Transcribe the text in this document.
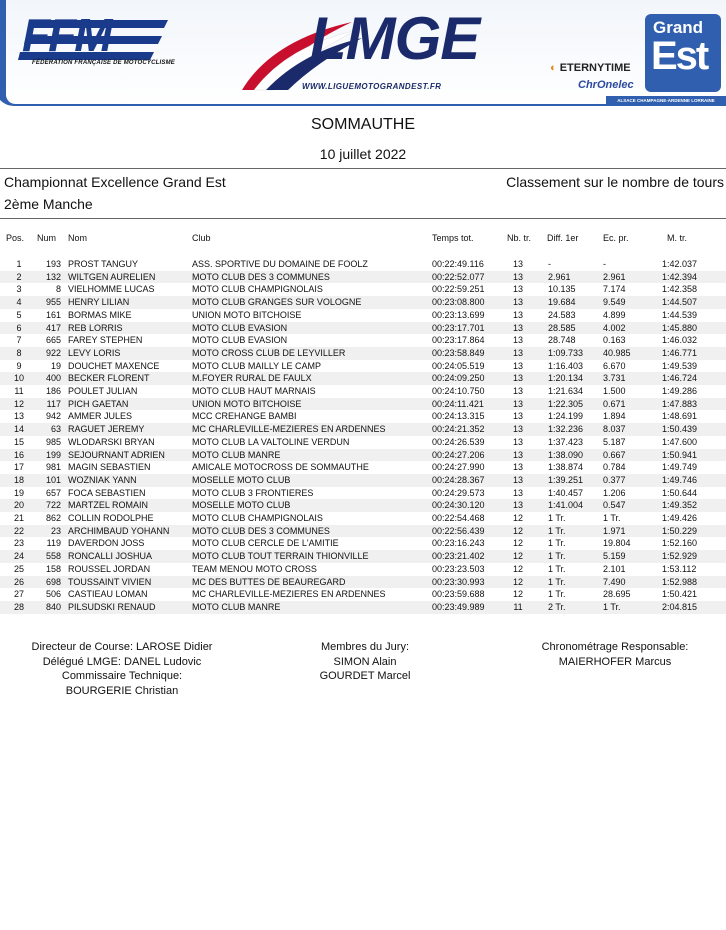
FFM
FÉDÉRATION FRANÇAISE DE MOTOCYCLISME LMGE
WWW.LIGUEMOTOGRANDEST.FR
◐ ETERNYTIME
ChrOnelec
Grand
Est
ALSACE CHAMPAGNE-ARDENNE LORRAINE
SOMMAUTHE
10 juillet 2022
Championnat Excellence Grand Est	Classement sur le nombre de tours
2ème Manche
Pos. Num Nom	Club	Temps tot.	Nb. tr. Diff. 1er	Ec. pr.	M. tr.
1	193 PROST TANGUY	ASS. SPORTIVE DU DOMAINE DE FOOLZ	00:22:49.116	13	-	-	1:42.037
2	132 WILTGEN AURELIEN	MOTO CLUB DES 3 COMMUNES	00:22:52.077	13	2.961	2.961	1:42.394
3	8 VIELHOMME LUCAS	MOTO CLUB CHAMPIGNOLAIS	00:22:59.251	13	10.135	7.174	1:42.358
4	955 HENRY LILIAN	MOTO CLUB GRANGES SUR VOLOGNE	00:23:08.800	13	19.684	9.549	1:44.507
5	161 BORMAS MIKE	UNION MOTO BITCHOISE	00:23:13.699	13	24.583	4.899	1:44.539
6	417 REB LORRIS	MOTO CLUB EVASION	00:23:17.701	13	28.585	4.002	1:45.880
7	665 FAREY STEPHEN	MOTO CLUB EVASION	00:23:17.864	13	28.748	0.163	1:46.032
8	922 LEVY LORIS	MOTO CROSS CLUB DE LEYVILLER	00:23:58.849	13	1:09.733 40.985	1:46.771
9	19 DOUCHET MAXENCE	MOTO CLUB MAILLY LE CAMP	00:24:05.519	13	1:16.403 6.670	1:49.539
10	400 BECKER FLORENT	M.FOYER RURAL DE FAULX	00:24:09.250	13	1:20.134 3.731	1:46.724
11	186 POULET JULIAN	MOTO CLUB HAUT MARNAIS	00:24:10.750	13	1:21.634 1.500	1:49.286
12	117 PICH GAETAN	UNION MOTO BITCHOISE	00:24:11.421	13	1:22.305 0.671	1:47.883
13	942 AMMER JULES	MCC CREHANGE BAMBI	00:24:13.315	13	1:24.199 1.894	1:48.691
14	63 RAGUET JEREMY	MC CHARLEVILLE-MEZIERES EN ARDENNES	00:24:21.352	13	1:32.236 8.037	1:50.439
15	985 WLODARSKI BRYAN	MOTO CLUB LA VALTOLINE VERDUN	00:24:26.539	13	1:37.423 5.187	1:47.600
16	199 SEJOURNANT ADRIEN	MOTO CLUB MANRE	00:24:27.206	13	1:38.090 0.667	1:50.941
17	981 MAGIN SEBASTIEN	AMICALE MOTOCROSS DE SOMMAUTHE	00:24:27.990	13	1:38.874 0.784	1:49.749
18	101 WOZNIAK YANN	MOSELLE MOTO CLUB	00:24:28.367	13	1:39.251 0.377	1:49.746
19	657 FOCA SEBASTIEN	MOTO CLUB 3 FRONTIERES	00:24:29.573	13	1:40.457 1.206	1:50.644
20	722 MARTZEL ROMAIN	MOSELLE MOTO CLUB	00:24:30.120	13	1:41.004 0.547	1:49.352
21	862 COLLIN RODOLPHE	MOTO CLUB CHAMPIGNOLAIS	00:22:54.468	12	1 Tr.	1 Tr.	1:49.426
22	23 ARCHIMBAUD YOHANN	MOTO CLUB DES 3 COMMUNES	00:22:56.439	12	1 Tr.	1.971	1:50.229
23	119 DAVERDON JOSS	MOTO CLUB CERCLE DE L'AMITIE	00:23:16.243	12	1 Tr.	19.804	1:52.160
24	558 RONCALLI JOSHUA	MOTO CLUB TOUT TERRAIN THIONVILLE	00:23:21.402	12	1 Tr.	5.159	1:52.929
25	158 ROUSSEL JORDAN	TEAM MENOU MOTO CROSS	00:23:23.503	12	1 Tr.	2.101	1:53.112
26	698 TOUSSAINT VIVIEN	MC DES BUTTES DE BEAUREGARD	00:23:30.993	12	1 Tr.	7.490	1:52.988
27	506 CASTIEAU LOMAN	MC CHARLEVILLE-MEZIERES EN ARDENNES	00:23:59.688	12	1 Tr.	28.695	1:50.421
28	840 PILSUDSKI RENAUD	MOTO CLUB MANRE	00:23:49.989	11	2 Tr.	1 Tr.	2:04.815
Directeur de Course: LAROSE Didier
Délégué LMGE: DANEL Ludovic
Commissaire Technique:
BOURGERIE Christian
Membres du Jury:
SIMON Alain
GOURDET Marcel
Chronométrage Responsable:
MAIERHOFER Marcus
